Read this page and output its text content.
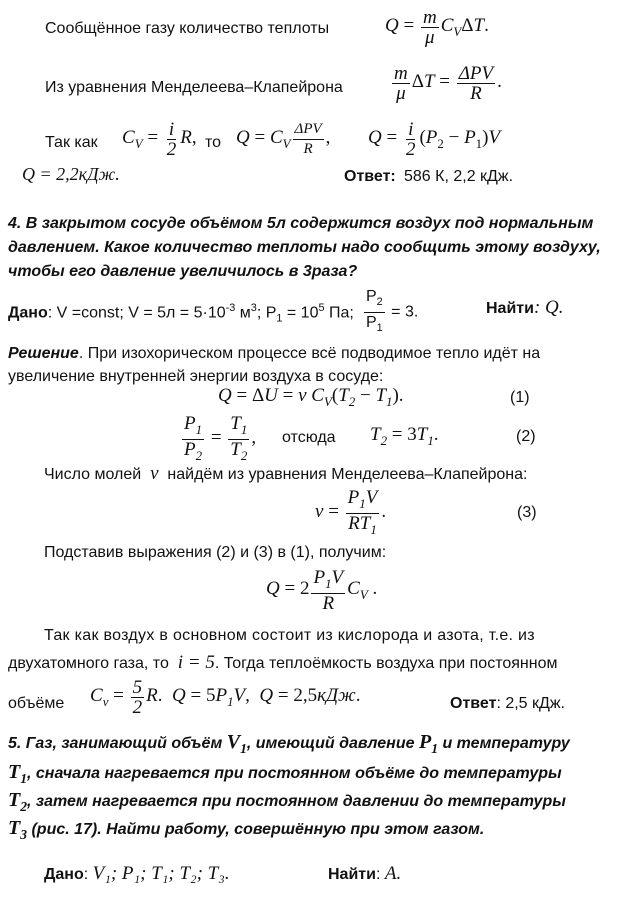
Сообщённое газу количество теплоты	$Q = \frac{m}{\mu} C_V\Delta T$.
Из уравнения Менделеева–Клапейрона	$\frac{m}{\mu}$ $\Delta T = \frac{\text{ΔPV}}{R}$ .
Так как $C_V = \frac{i}{2} R$, то $Q = C_V \frac{\text{ΔPV}}{R}$ , $Q = \frac{i}{2} (P_2 - P_1)V$
Q = 2,2кДж.	Ответ: 586 К, 2,2 кДж.
4. В закрытом сосуде объёмом 5л содержится воздух под нормальным
давлением. Какое количество теплоты надо сообщить этому воздуху,
чтобы его давление увеличилось в 3раза?
Дано: V =const; $V = 5л = 5\cdot 10^{-3}$ $м^3$; $P_1 = 10^5$ Па; $\frac{P_2}{P_1} = 3$.	Найти: Q.
Решение. При изохорическом процессе всё подводимое тепло идёт на
увеличение внутренней энергии воздуха в сосуде:
Q = ΔU = ν $C_V(T_2 - T_1)$.	(1)
$\frac{P_1}{P_2} = \frac{T_1}{T_2}$ , отсюда $T_2 = 3T_1$.	(2)
Число молей ν найдём из уравнения Менделеева–Клапейрона:
$\nu = \frac{P_1V}{RT_1}$ .	(3)
Подставив выражения (2) и (3) в (1), получим:
$Q = 2 \frac{P_1V}{R} C_V$ .
Так как воздух в основном состоит из кислорода и азота, т.е. из
двухатомного газа, то i = 5. Тогда теплоёмкость воздуха при постоянном
объёме $C_v = \frac{5}{2} R$.  $Q = 5P_1V$,  Q = 2,5кДж.	Ответ: 2,5 кДж.
5. Газ, занимающий объём $V_1$, имеющий давление $P_1$ и температуру
$T_1$, сначала нагревается при постоянном объёме до температуры
$T_2$, затем нагревается при постоянном давлении до температуры
$T_3$ (рис. 17). Найти работу, совершённую при этом газом.
Дано: V₁; P₁; T₁; T₂; T₃.	Найти: A.
